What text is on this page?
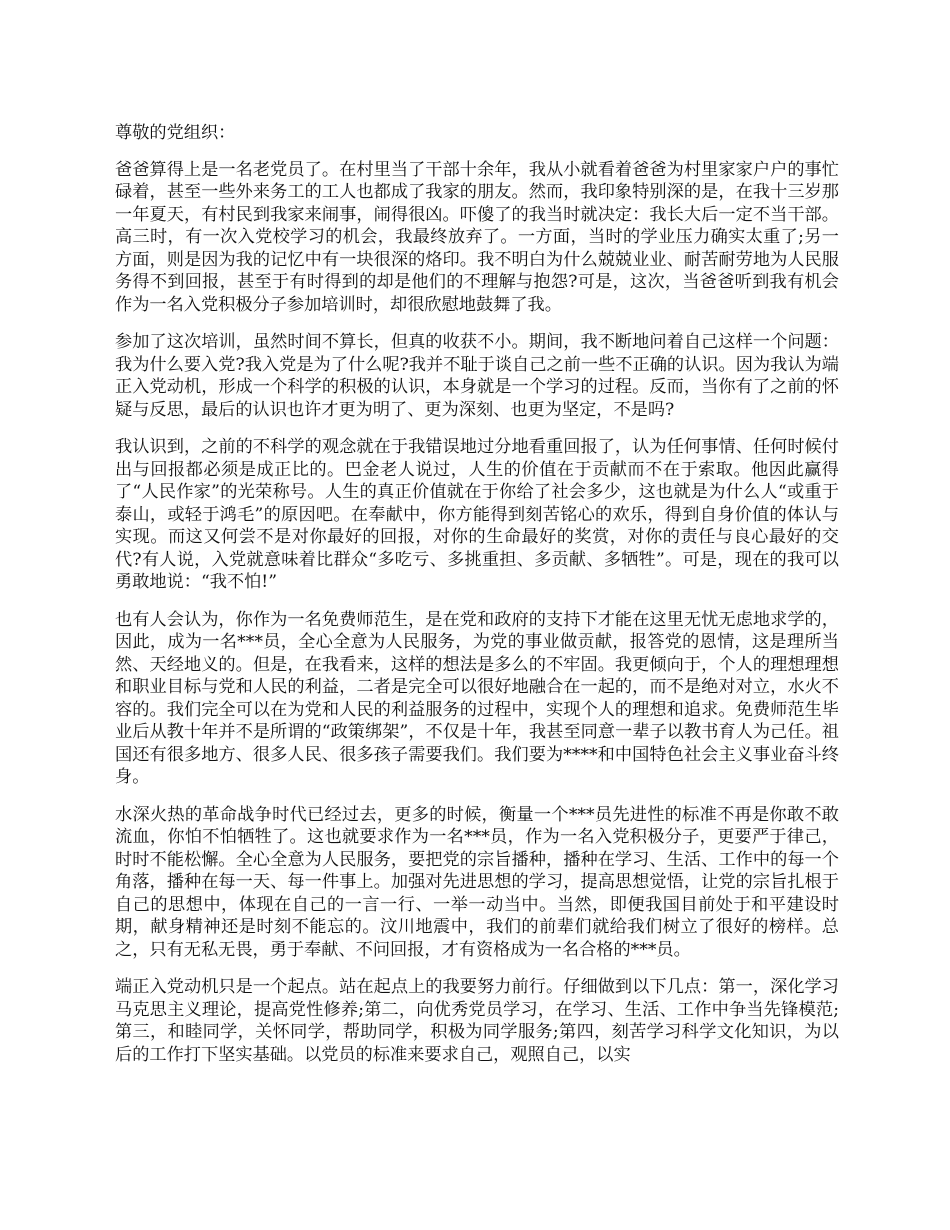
尊敬的党组织：

爸爸算得上是一名老党员了。在村里当了干部十余年，我从小就看着爸爸为村里家家户户的事忙碌着，甚至一些外来务工的工人也都成了我家的朋友。然而，我印象特别深的是，在我十三岁那一年夏天，有村民到我家来闹事，闹得很凶。吓傻了的我当时就决定：我长大后一定不当干部。高三时，有一次入党校学习的机会，我最终放弃了。一方面，当时的学业压力确实太重了;另一方面，则是因为我的记忆中有一块很深的烙印。我不明白为什么兢兢业业、耐苦耐劳地为人民服务得不到回报，甚至于有时得到的却是他们的不理解与抱怨?可是，这次，当爸爸听到我有机会作为一名入党积极分子参加培训时，却很欣慰地鼓舞了我。

参加了这次培训，虽然时间不算长，但真的收获不小。期间，我不断地问着自己这样一个问题：我为什么要入党?我入党是为了什么呢?我并不耻于谈自己之前一些不正确的认识。因为我认为端正入党动机，形成一个科学的积极的认识，本身就是一个学习的过程。反而，当你有了之前的怀疑与反思，最后的认识也许才更为明了、更为深刻、也更为坚定，不是吗?

我认识到，之前的不科学的观念就在于我错误地过分地看重回报了，认为任何事情、任何时候付出与回报都必须是成正比的。巴金老人说过，人生的价值在于贡献而不在于索取。他因此赢得了“人民作家”的光荣称号。人生的真正价值就在于你给了社会多少，这也就是为什么人“或重于泰山，或轻于鸿毛”的原因吧。在奉献中，你方能得到刻苦铭心的欢乐，得到自身价值的体认与实现。而这又何尝不是对你最好的回报，对你的生命最好的奖赏，对你的责任与良心最好的交代?有人说，入党就意味着比群众“多吃亏、多挑重担、多贡献、多牺牲”。可是，现在的我可以勇敢地说：“我不怕!”

也有人会认为，你作为一名免费师范生，是在党和政府的支持下才能在这里无忧无虑地求学的，因此，成为一名***员，全心全意为人民服务，为党的事业做贡献，报答党的恩情，这是理所当然、天经地义的。但是，在我看来，这样的想法是多么的不牢固。我更倾向于，个人的理想理想和职业目标与党和人民的利益，二者是完全可以很好地融合在一起的，而不是绝对对立，水火不容的。我们完全可以在为党和人民的利益服务的过程中，实现个人的理想和追求。免费师范生毕业后从教十年并不是所谓的“政策绑架”，不仅是十年，我甚至同意一辈子以教书育人为己任。祖国还有很多地方、很多人民、很多孩子需要我们。我们要为****和中国特色社会主义事业奋斗终身。

水深火热的革命战争时代已经过去，更多的时候，衡量一个***员先进性的标准不再是你敢不敢流血，你怕不怕牺牲了。这也就要求作为一名***员，作为一名入党积极分子，更要严于律己，时时不能松懈。全心全意为人民服务，要把党的宗旨播种，播种在学习、生活、工作中的每一个角落，播种在每一天、每一件事上。加强对先进思想的学习，提高思想觉悟，让党的宗旨扎根于自己的思想中，体现在自己的一言一行、一举一动当中。当然，即便我国目前处于和平建设时期，献身精神还是时刻不能忘的。汶川地震中，我们的前辈们就给我们树立了很好的榜样。总之，只有无私无畏，勇于奉献、不问回报，才有资格成为一名合格的***员。

端正入党动机只是一个起点。站在起点上的我要努力前行。仔细做到以下几点：第一，深化学习马克思主义理论，提高党性修养;第二，向优秀党员学习，在学习、生活、工作中争当先锋模范;第三，和睦同学，关怀同学，帮助同学，积极为同学服务;第四，刻苦学习科学文化知识，为以后的工作打下坚实基础。以党员的标准来要求自己，观照自己，以实
